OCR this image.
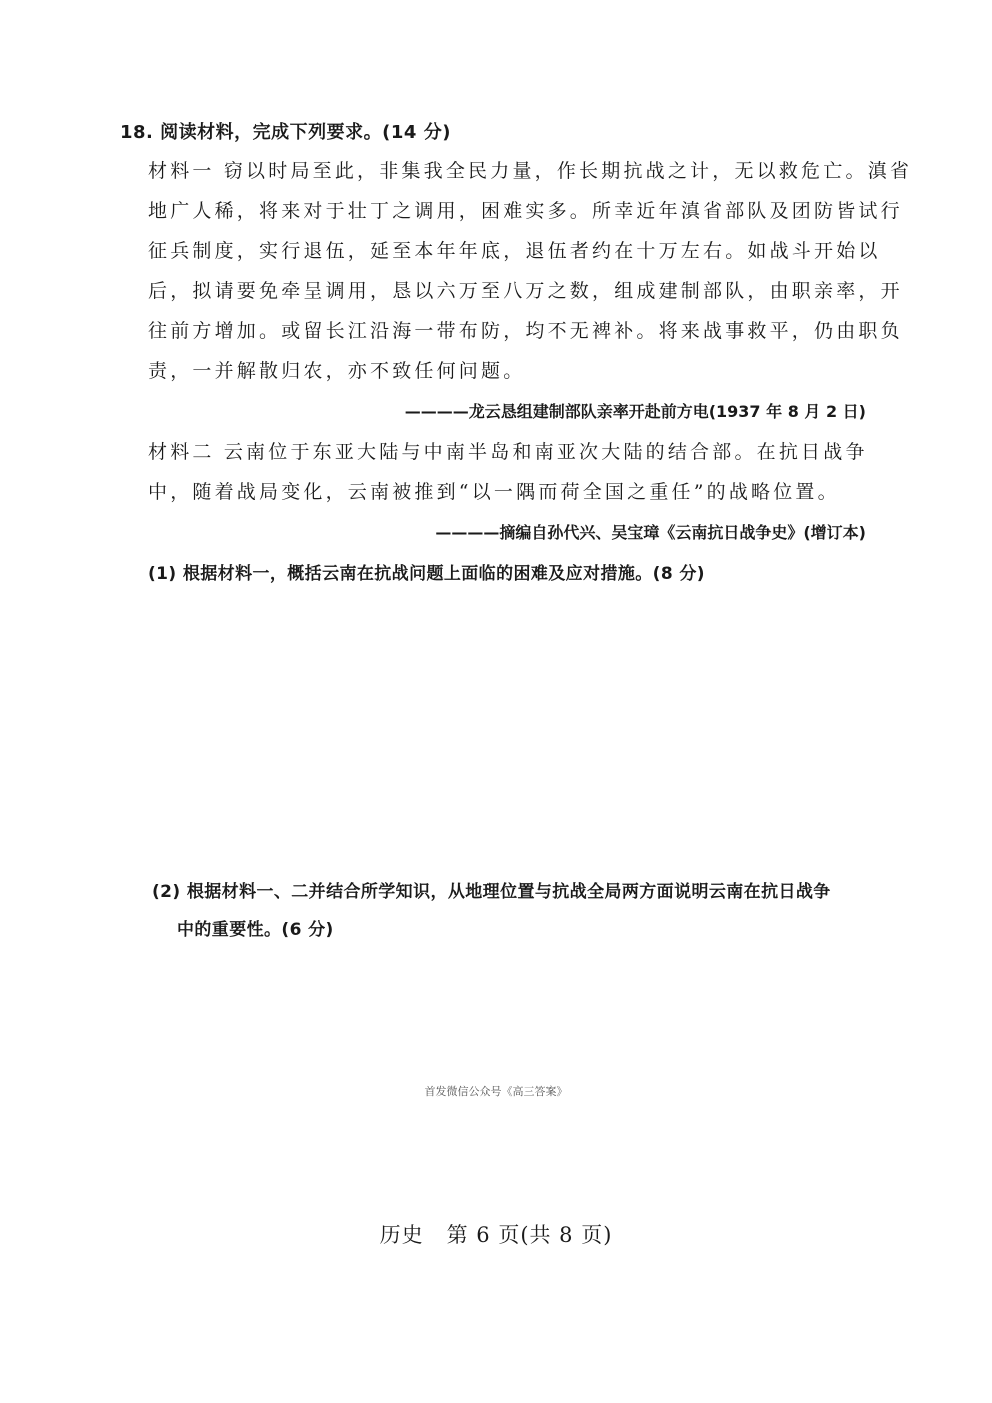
18. 阅读材料，完成下列要求。(14 分)
材料一 窃以时局至此，非集我全民力量，作长期抗战之计，无以救危亡。滇省
地广人稀，将来对于壮丁之调用，困难实多。所幸近年滇省部队及团防皆试行
征兵制度，实行退伍，延至本年年底，退伍者约在十万左右。如战斗开始以
后，拟请要免牵呈调用，恳以六万至八万之数，组成建制部队，由职亲率，开
往前方增加。或留长江沿海一带布防，均不无裨补。将来战事救平，仍由职负
责，一并解散归农，亦不致任何问题。
————龙云恳组建制部队亲率开赴前方电(1937 年 8 月 2 日)
材料二 云南位于东亚大陆与中南半岛和南亚次大陆的结合部。在抗日战争
中，随着战局变化，云南被推到“以一隅而荷全国之重任”的战略位置。
————摘编自孙代兴、吴宝璋《云南抗日战争史》(增订本)
(1) 根据材料一，概括云南在抗战问题上面临的困难及应对措施。(8 分)
(2) 根据材料一、二并结合所学知识，从地理位置与抗战全局两方面说明云南在抗日战争
中的重要性。(6 分)
首发微信公众号《高三答案》
历史   第 6 页(共 8 页)
